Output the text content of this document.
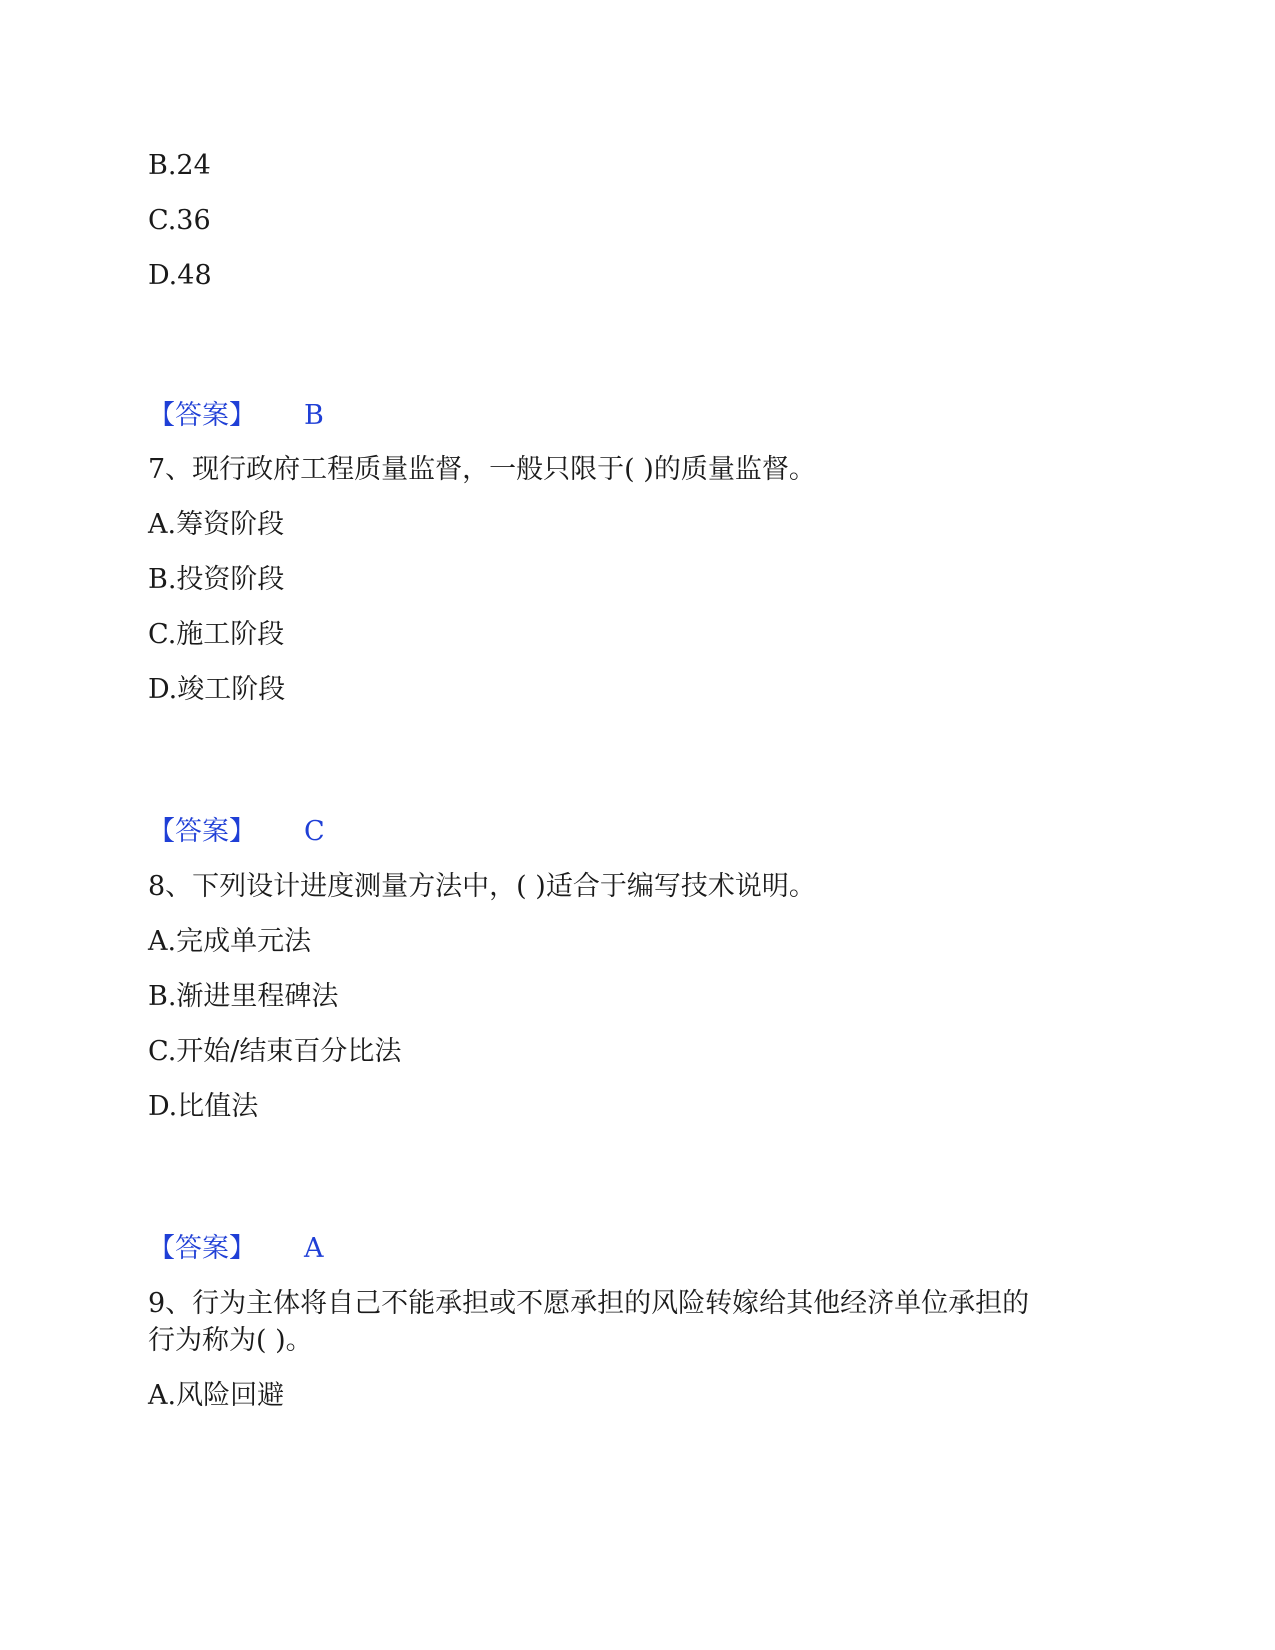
B.24
C.36
D.48
【答案】 B
7、现行政府工程质量监督，一般只限于( )的质量监督。
A.筹资阶段
B.投资阶段
C.施工阶段
D.竣工阶段
【答案】 C
8、下列设计进度测量方法中，( )适合于编写技术说明。
A.完成单元法
B.渐进里程碑法
C.开始/结束百分比法
D.比值法
【答案】 A
9、行为主体将自己不能承担或不愿承担的风险转嫁给其他经济单位承担的
行为称为( )。
A.风险回避
